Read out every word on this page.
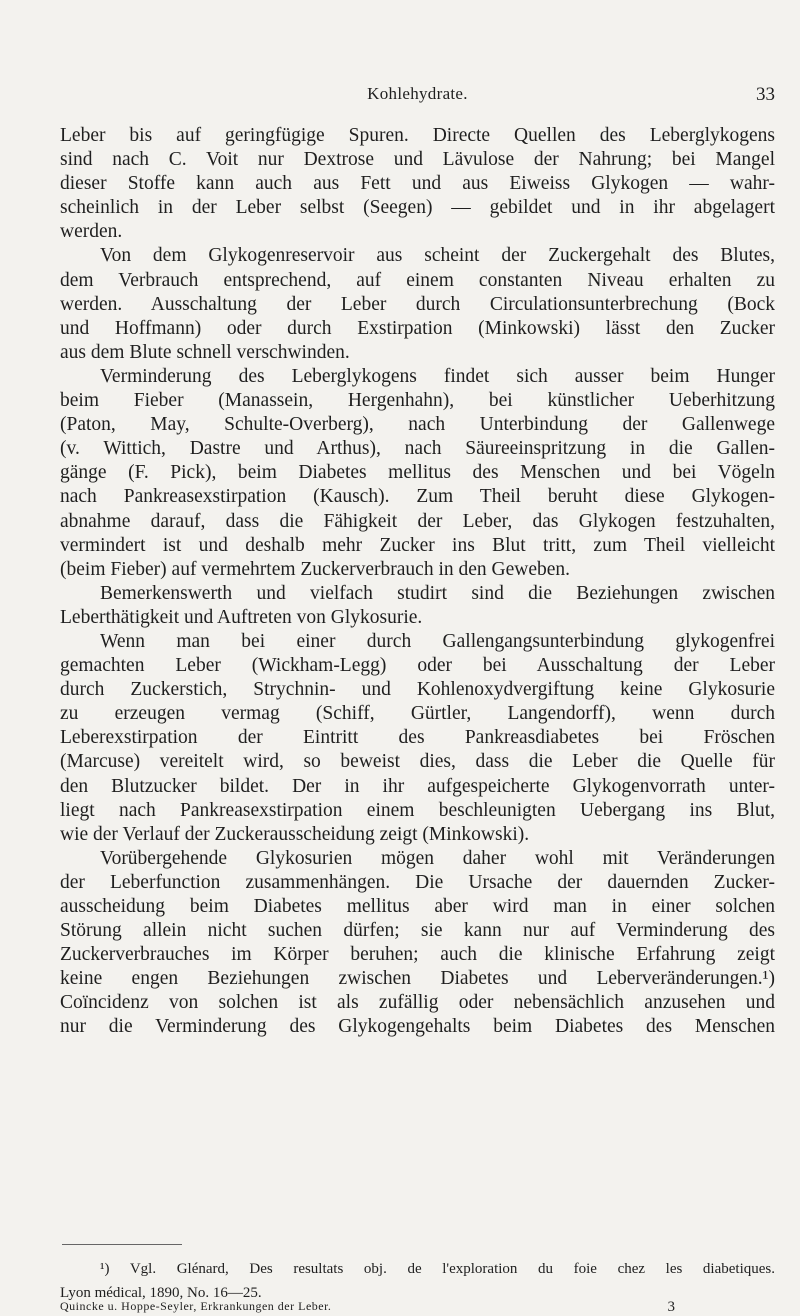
Kohlehydrate.	33
Leber bis auf geringfügige Spuren. Directe Quellen des Leberglykogens
sind nach C. Voit nur Dextrose und Lävulose der Nahrung; bei Mangel
dieser Stoffe kann auch aus Fett und aus Eiweiss Glykogen — wahr-
scheinlich in der Leber selbst (Seegen) — gebildet und in ihr abgelagert
werden.
Von dem Glykogenreservoir aus scheint der Zuckergehalt des Blutes,
dem Verbrauch entsprechend, auf einem constanten Niveau erhalten zu
werden. Ausschaltung der Leber durch Circulationsunterbrechung (Bock
und Hoffmann) oder durch Exstirpation (Minkowski) lässt den Zucker
aus dem Blute schnell verschwinden.
Verminderung des Leberglykogens findet sich ausser beim Hunger
beim Fieber (Manassein, Hergenhahn), bei künstlicher Ueberhitzung
(Paton, May, Schulte-Overberg), nach Unterbindung der Gallenwege
(v. Wittich, Dastre und Arthus), nach Säureeinspritzung in die Gallen-
gänge (F. Pick), beim Diabetes mellitus des Menschen und bei Vögeln
nach Pankreasexstirpation (Kausch). Zum Theil beruht diese Glykogen-
abnahme darauf, dass die Fähigkeit der Leber, das Glykogen festzuhalten,
vermindert ist und deshalb mehr Zucker ins Blut tritt, zum Theil vielleicht
(beim Fieber) auf vermehrtem Zuckerverbrauch in den Geweben.
Bemerkenswerth und vielfach studirt sind die Beziehungen zwischen
Leberthätigkeit und Auftreten von Glykosurie.
Wenn man bei einer durch Gallengangsunterbindung glykogenfrei
gemachten Leber (Wickham-Legg) oder bei Ausschaltung der Leber
durch Zuckerstich, Strychnin- und Kohlenoxydvergiftung keine Glykosurie
zu erzeugen vermag (Schiff, Gürtler, Langendorff), wenn durch
Leberexstirpation der Eintritt des Pankreasdiabetes bei Fröschen
(Marcuse) vereitelt wird, so beweist dies, dass die Leber die Quelle für
den Blutzucker bildet. Der in ihr aufgespeicherte Glykogenvorrath unter-
liegt nach Pankreasexstirpation einem beschleunigten Uebergang ins Blut,
wie der Verlauf der Zuckerausscheidung zeigt (Minkowski).
Vorübergehende Glykosurien mögen daher wohl mit Veränderungen
der Leberfunction zusammenhängen. Die Ursache der dauernden Zucker-
ausscheidung beim Diabetes mellitus aber wird man in einer solchen
Störung allein nicht suchen dürfen; sie kann nur auf Verminderung des
Zuckerverbrauches im Körper beruhen; auch die klinische Erfahrung zeigt
keine engen Beziehungen zwischen Diabetes und Leberveränderungen.¹)
Coïncidenz von solchen ist als zufällig oder nebensächlich anzusehen und
nur die Verminderung des Glykogengehalts beim Diabetes des Menschen
¹) Vgl. Glénard, Des resultats obj. de l'exploration du foie chez les diabetiques.
Lyon médical, 1890, No. 16—25.
Quincke u. Hoppe-Seyler, Erkrankungen der Leber.	3
